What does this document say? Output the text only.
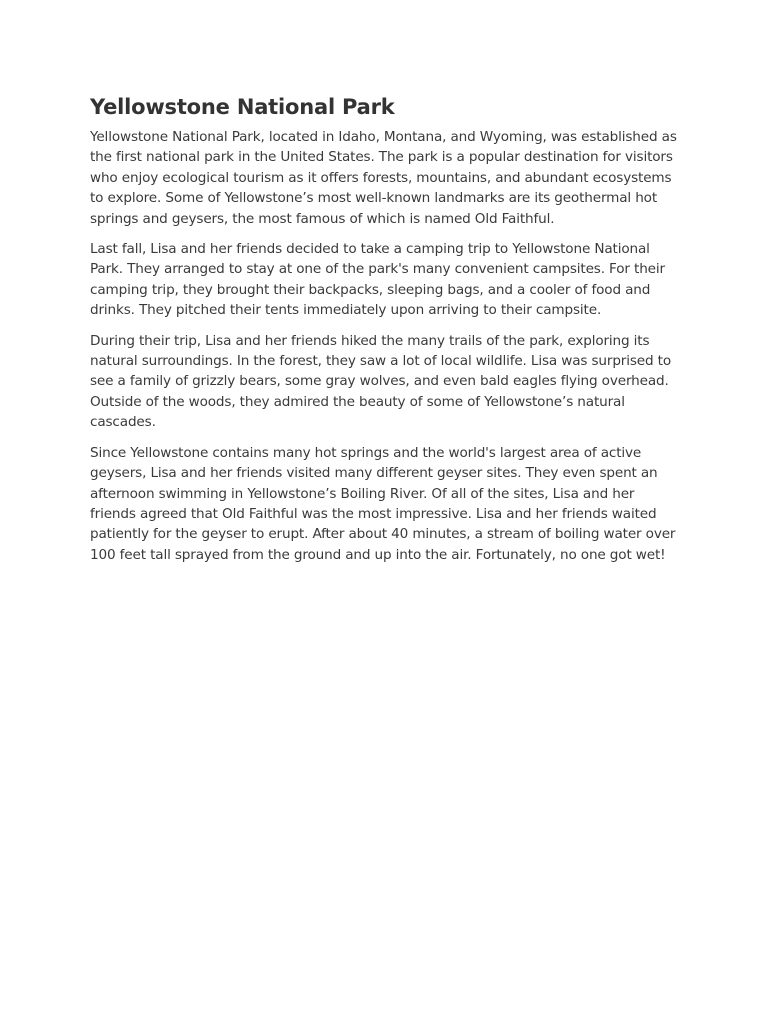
Yellowstone National Park

Yellowstone National Park, located in Idaho, Montana, and Wyoming, was established as the first national park in the United States. The park is a popular destination for visitors who enjoy ecological tourism as it offers forests, mountains, and abundant ecosystems to explore. Some of Yellowstone’s most well-known landmarks are its geothermal hot springs and geysers, the most famous of which is named Old Faithful.

Last fall, Lisa and her friends decided to take a camping trip to Yellowstone National Park. They arranged to stay at one of the park's many convenient campsites. For their camping trip, they brought their backpacks, sleeping bags, and a cooler of food and drinks. They pitched their tents immediately upon arriving to their campsite.

During their trip, Lisa and her friends hiked the many trails of the park, exploring its natural surroundings. In the forest, they saw a lot of local wildlife. Lisa was surprised to see a family of grizzly bears, some gray wolves, and even bald eagles flying overhead. Outside of the woods, they admired the beauty of some of Yellowstone’s natural cascades.

Since Yellowstone contains many hot springs and the world's largest area of active geysers, Lisa and her friends visited many different geyser sites. They even spent an afternoon swimming in Yellowstone’s Boiling River. Of all of the sites, Lisa and her friends agreed that Old Faithful was the most impressive. Lisa and her friends waited patiently for the geyser to erupt. After about 40 minutes, a stream of boiling water over 100 feet tall sprayed from the ground and up into the air. Fortunately, no one got wet!
